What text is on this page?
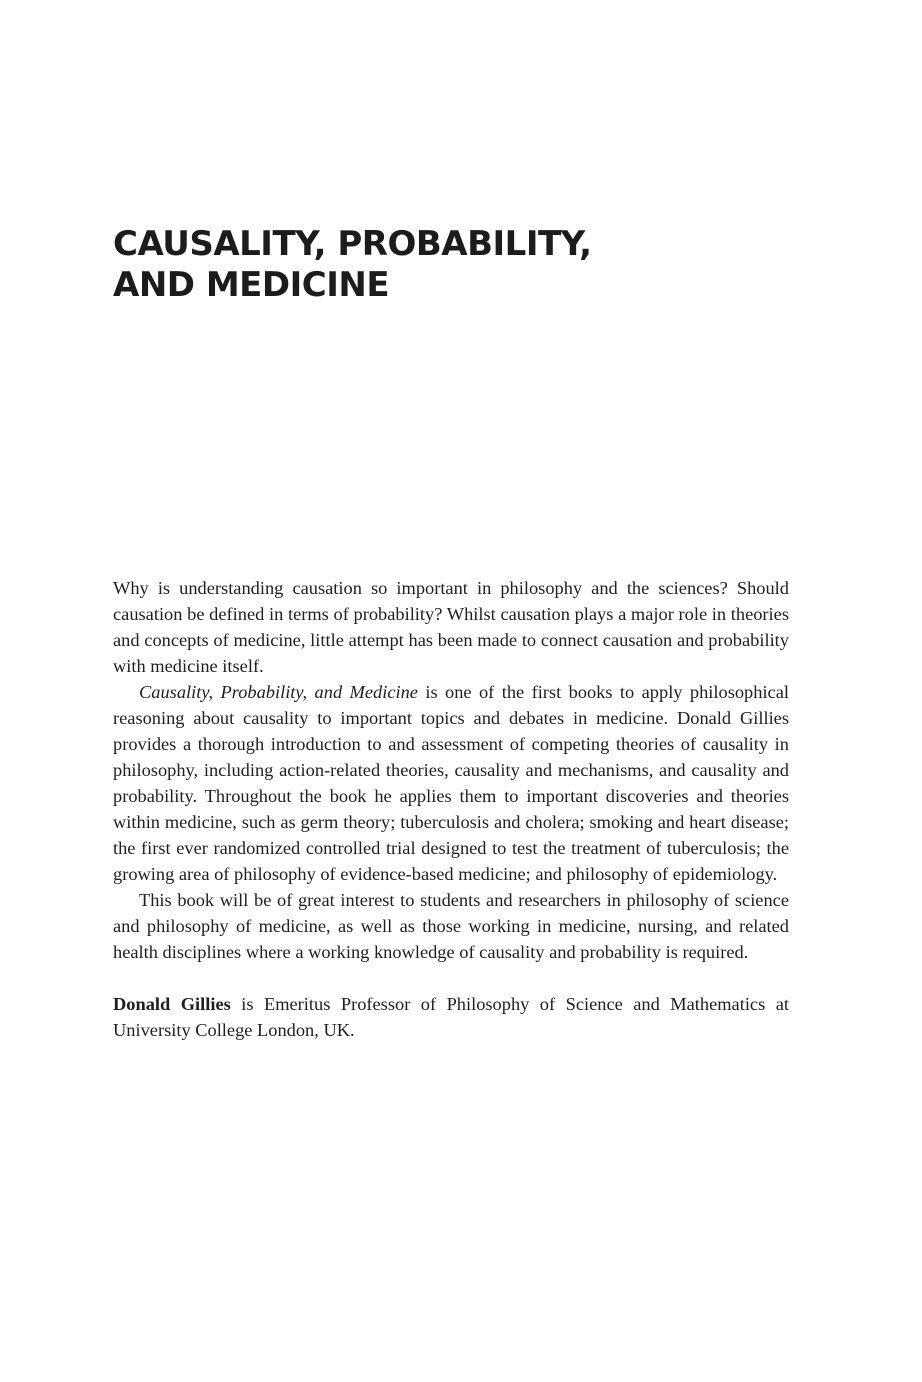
CAUSALITY, PROBABILITY,
AND MEDICINE

Why is understanding causation so important in philosophy and the sciences? Should causation be defined in terms of probability? Whilst causation plays a major role in theories and concepts of medicine, little attempt has been made to connect causation and probability with medicine itself.

Causality, Probability, and Medicine is one of the first books to apply philosophical reasoning about causality to important topics and debates in medicine. Donald Gillies provides a thorough introduction to and assessment of competing theories of causality in philosophy, including action-related theories, causality and mechanisms, and causality and probability. Throughout the book he applies them to important discoveries and theories within medicine, such as germ theory; tuberculosis and cholera; smoking and heart disease; the first ever randomized controlled trial designed to test the treatment of tuberculosis; the growing area of philosophy of evidence-based medicine; and philosophy of epidemiology.

This book will be of great interest to students and researchers in philosophy of science and philosophy of medicine, as well as those working in medicine, nursing, and related health disciplines where a working knowledge of causality and probability is required.

Donald Gillies is Emeritus Professor of Philosophy of Science and Mathematics at University College London, UK.
